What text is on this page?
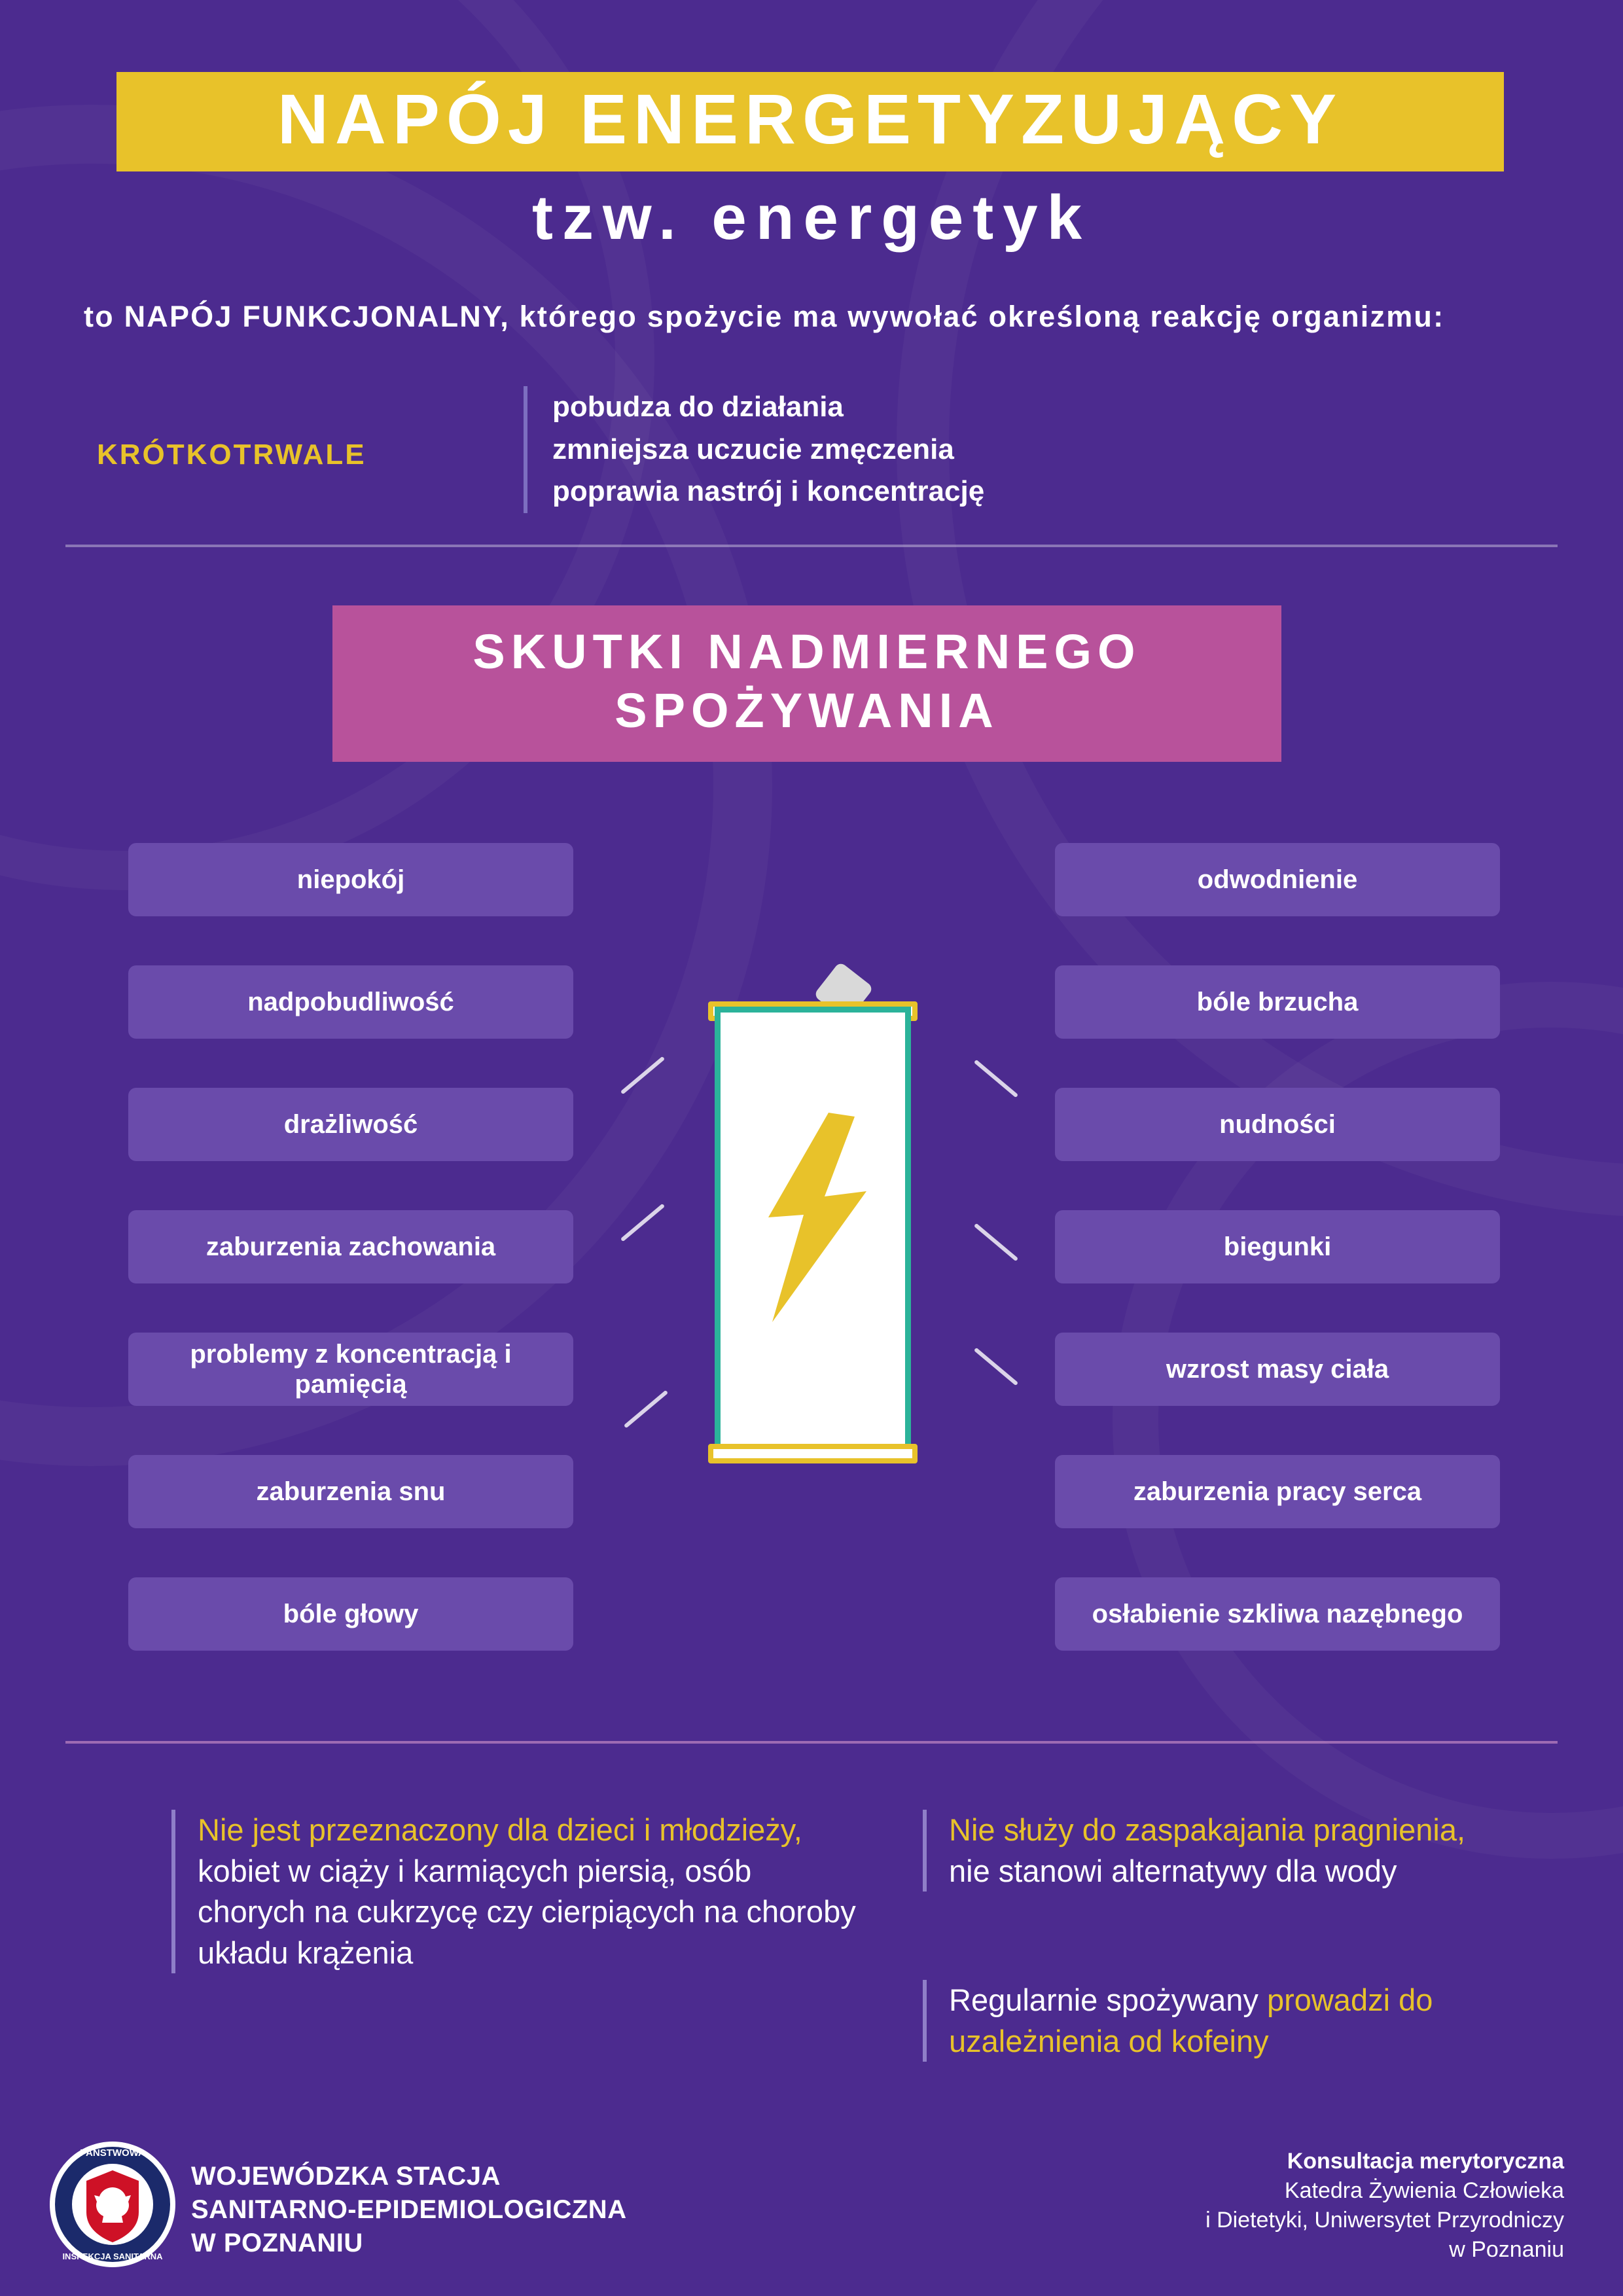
NAPÓJ ENERGETYZUJĄCY
tzw. energetyk
to NAPÓJ FUNKCJONALNY, którego spożycie ma wywołać określoną reakcję organizmu:
KRÓTKOTRWALE
pobudza do działania
zmniejsza uczucie zmęczenia
poprawia nastrój i koncentrację
SKUTKI NADMIERNEGO
SPOŻYWANIA
niepokój
nadpobudliwość
drażliwość
zaburzenia zachowania
problemy z koncentracją i pamięcią
zaburzenia snu
bóle głowy
odwodnienie
bóle brzucha
nudności
biegunki
wzrost masy ciała
zaburzenia pracy serca
osłabienie szkliwa nazębnego
Nie jest przeznaczony dla dzieci i młodzieży, kobiet w ciąży i karmiących piersią, osób chorych na cukrzycę czy cierpiących na choroby układu krążenia
Nie służy do zaspakajania pragnienia, nie stanowi alternatywy dla wody
Regularnie spożywany prowadzi do uzależnienia od kofeiny
PAŃSTWOWA
INSPEKCJA SANITARNA
WOJEWÓDZKA STACJA
SANITARNO-EPIDEMIOLOGICZNA
W POZNANIU
Konsultacja merytoryczna
Katedra Żywienia Człowieka
i Dietetyki, Uniwersytet Przyrodniczy
w Poznaniu
